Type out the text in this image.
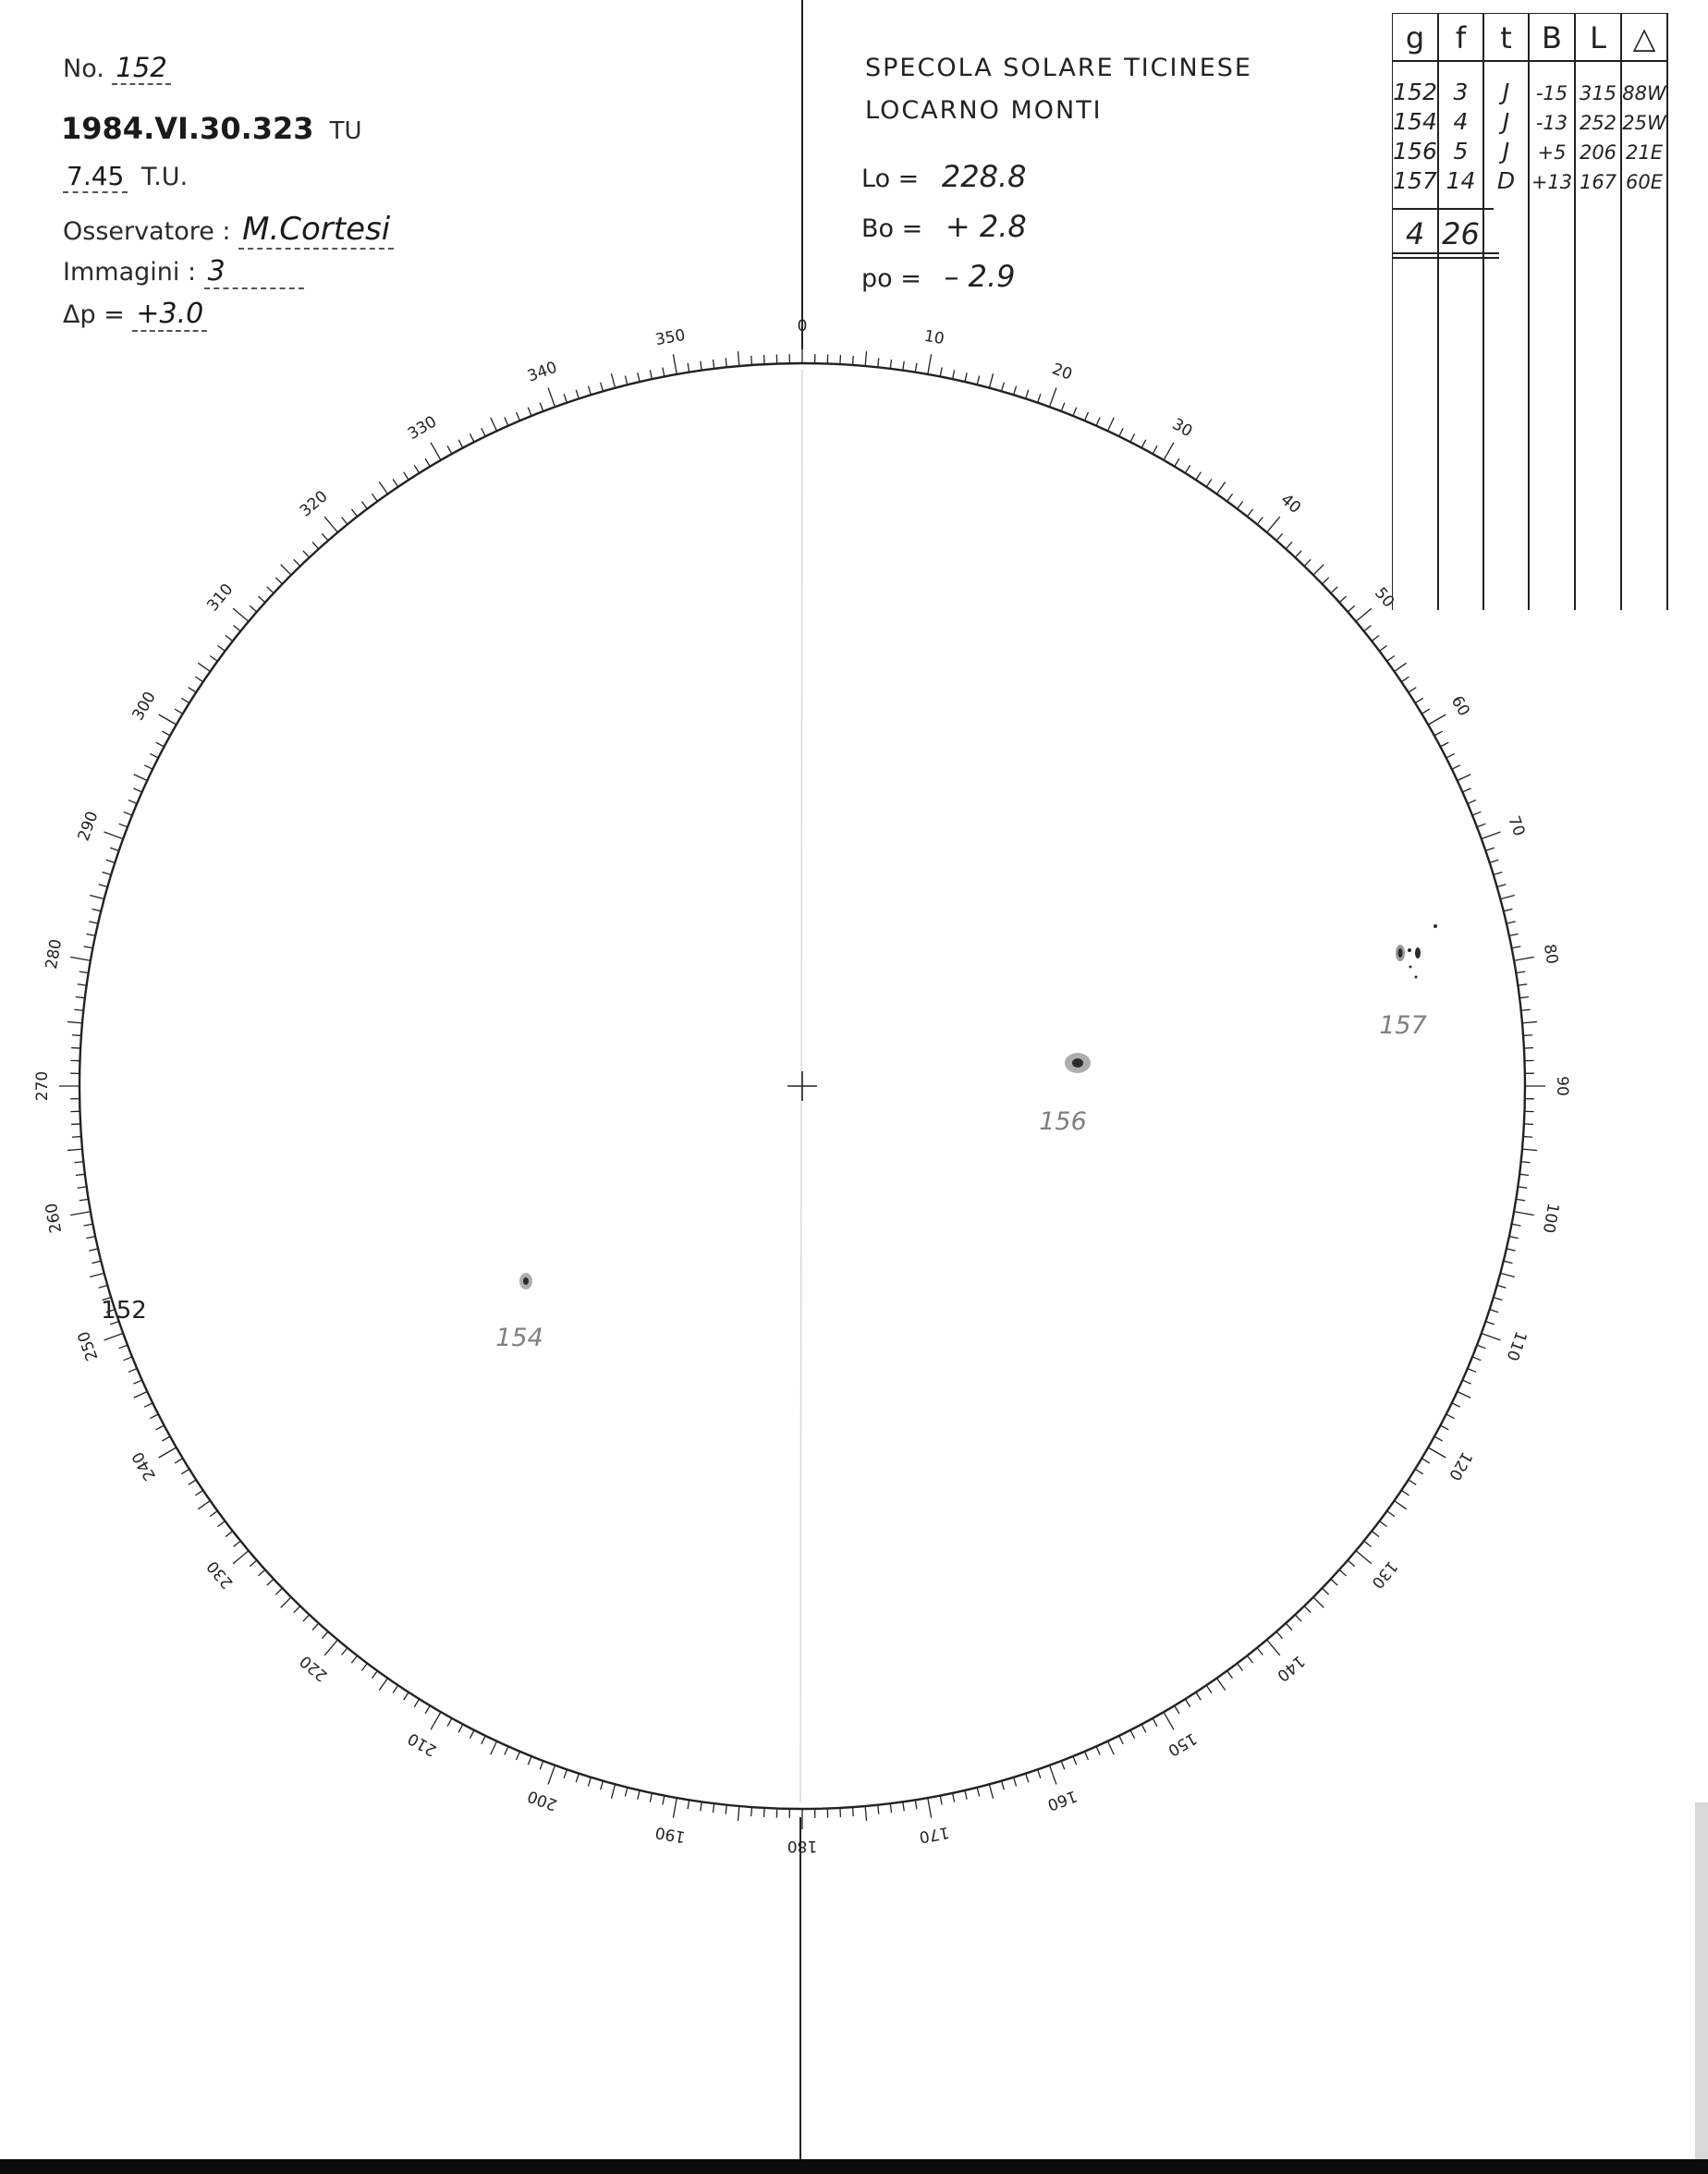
No. 152
1984.VI.30.323 TU
7.45 T.U.
Osservatore : M.Cortesi
Immagini : 3
Δp = +3.0
SPECOLA SOLARE TICINESE
LOCARNO MONTI
Lo = 228.8
Bo = + 2.8
po = – 2.9
g f t B L △
152 3 J -15 315 88W
154 4 J -13 252 25W
156 5 J +5 206 21E
157 14 D +13 167 60E
4 26
0
10
20
30
40
50
60
70
80
90
100
110
120
130
140
150
160
170
180
190
200
210
220
230
240
250
260
270
280
290
300
310
320
330
340
350
152
154
156
157
